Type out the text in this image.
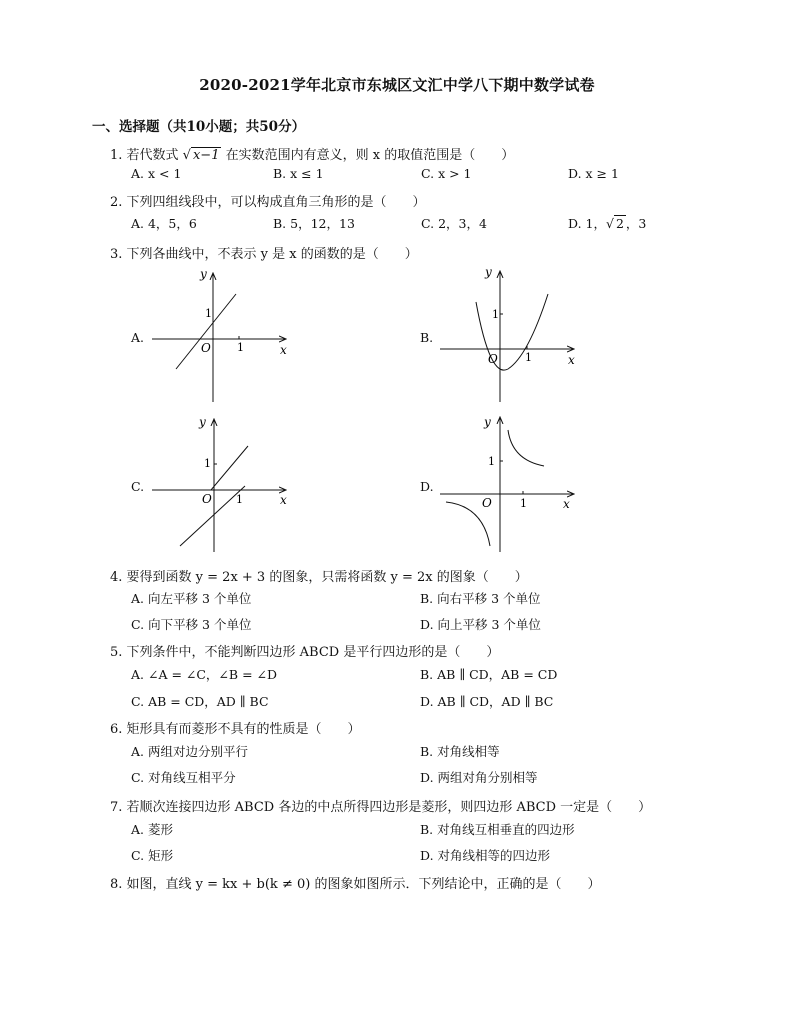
2020-2021学年北京市东城区文汇中学八下期中数学试卷
一、选择题（共10小题；共50分）
1. 若代数式 √ x−1 在实数范围内有意义，则 x 的取值范围是（　　）
A. x < 1	B. x ≤ 1	C. x > 1	D. x ≥ 1
2. 下列四组线段中，可以构成直角三角形的是（　　）
A. 4，5，6	B. 5，12，13	C. 2，3，4	D. 1，√ 2 ，3
3. 下列各曲线中，不表示 y 是 x 的函数的是（　　）
A.	B.
C.	D.
y
x
O
1
1
y
x
O
1
1
y
x
O
1
1
y
x
O
1
1
4. 要得到函数 y = 2x + 3 的图象，只需将函数 y = 2x 的图象（　　）
A. 向左平移 3 个单位	B. 向右平移 3 个单位
C. 向下平移 3 个单位	D. 向上平移 3 个单位
5. 下列条件中，不能判断四边形 ABCD 是平行四边形的是（　　）
A. ∠A = ∠C，∠B = ∠D	B. AB ∥ CD，AB = CD
C. AB = CD，AD ∥ BC	D. AB ∥ CD，AD ∥ BC
6. 矩形具有而菱形不具有的性质是（　　）
A. 两组对边分别平行	B. 对角线相等
C. 对角线互相平分	D. 两组对角分别相等
7. 若顺次连接四边形 ABCD 各边的中点所得四边形是菱形，则四边形 ABCD 一定是（　　）
A. 菱形	B. 对角线互相垂直的四边形
C. 矩形	D. 对角线相等的四边形
8. 如图，直线 y = kx + b(k ≠ 0) 的图象如图所示．下列结论中，正确的是（　　）
